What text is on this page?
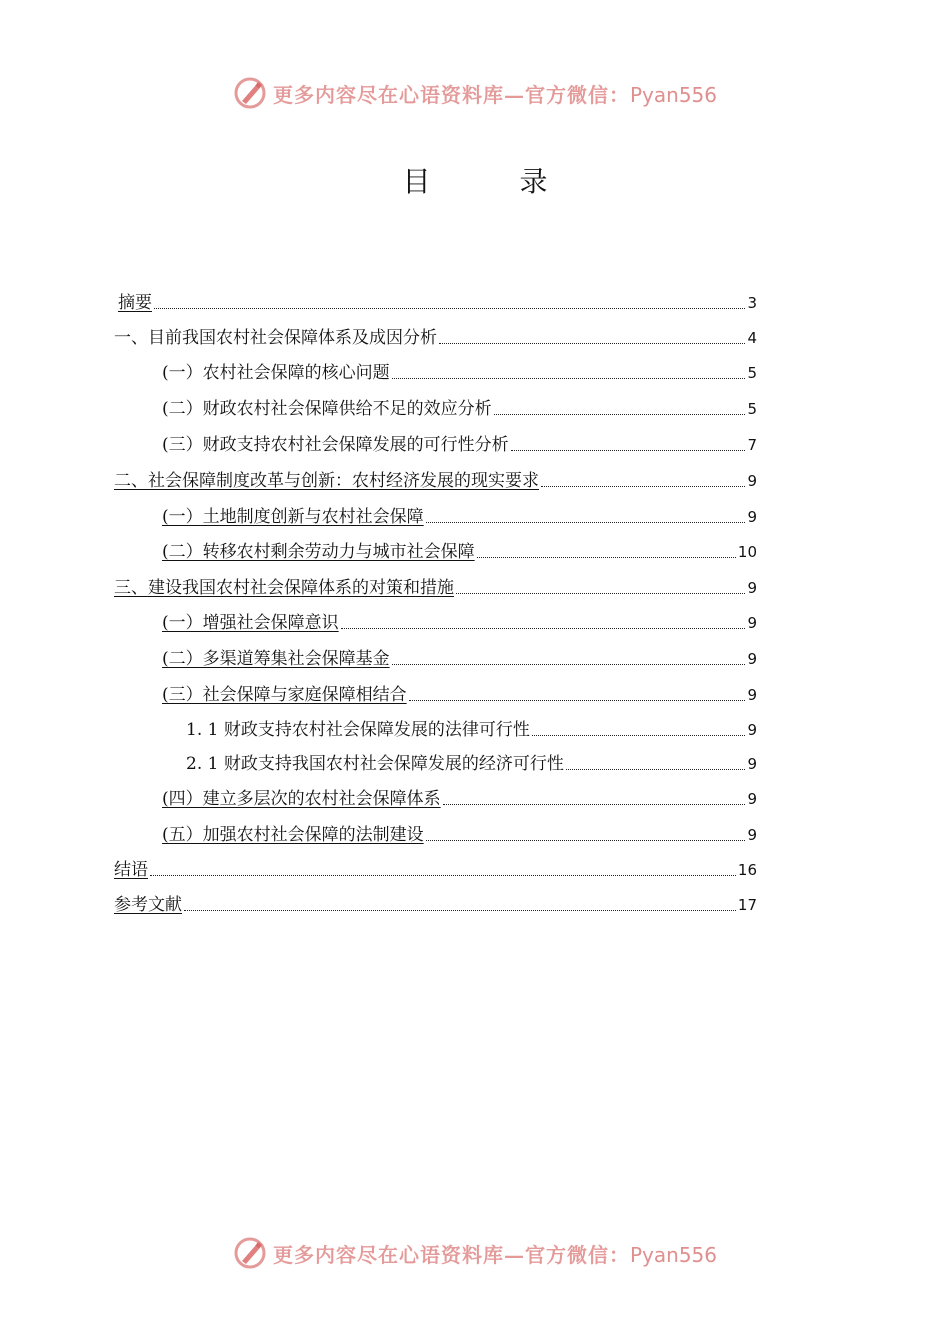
更多内容尽在心语资料库—官方微信：Pyan556
目 录
摘要	3
一、目前我国农村社会保障体系及成因分析	4
(一）农村社会保障的核心问题	5
(二）财政农村社会保障供给不足的效应分析	5
(三）财政支持农村社会保障发展的可行性分析	7
二、社会保障制度改革与创新：农村经济发展的现实要求	9
(一）土地制度创新与农村社会保障	9
(二）转移农村剩余劳动力与城市社会保障	10
三、建设我国农村社会保障体系的对策和措施	9
(一）增强社会保障意识	9
(二）多渠道筹集社会保障基金	9
(三）社会保障与家庭保障相结合	9
1. 1 财政支持农村社会保障发展的法律可行性	9
2. 1 财政支持我国农村社会保障发展的经济可行性	9
(四）建立多层次的农村社会保障体系	9
(五）加强农村社会保障的法制建设	9
结语	16
参考文献	17
更多内容尽在心语资料库—官方微信：Pyan556
